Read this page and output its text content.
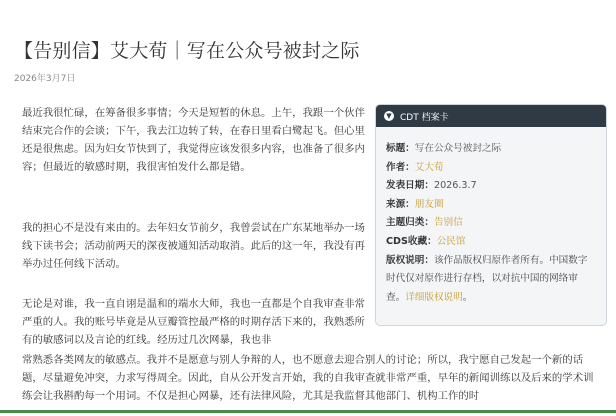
【告别信】艾大荀｜写在公众号被封之际
2026年3月7日

最近我很忙碌，在筹备很多事情；今天是短暂的休息。上午，我跟一个伙伴结束完合作的会谈；下午，我去江边转了转，在春日里看白鹭起飞。但心里还是很焦虑。因为妇女节快到了，我觉得应该发很多内容，也准备了很多内容；但最近的敏感时期，我很害怕发什么都是错。

我的担心不是没有来由的。去年妇女节前夕，我曾尝试在广东某地举办一场线下读书会；活动前两天的深夜被通知活动取消。此后的这一年，我没有再举办过任何线下活动。

无论是对谁，我一直自诩是温和的端水大师，我也一直都是个自我审查非常严重的人。我的账号毕竟是从豆瓣管控最严格的时期存活下来的，我熟悉所有的敏感词以及言论的红线。经历过几次网暴，我也非

常熟悉各类网友的敏感点。我并不是愿意与别人争辩的人，也不愿意去迎合别人的讨论；所以，我宁愿自己发起一个新的话题，尽量避免冲突，力求写得周全。因此，自从公开发言开始，我的自我审查就非常严重，早年的新闻训练以及后来的学术训练会让我斟酌每一个用词。不仅是担心网暴，还有法律风险，尤其是我监督其他部门、机构工作的时

▼ CDT 档案卡
标题：写在公众号被封之际
作者：艾大荀
发表日期：2026.3.7
来源：朋友圈
主题归类：告别信
CDS收藏：公民馆
版权说明：该作品版权归原作者所有。中国数字时代仅对原作进行存档，以对抗中国的网络审查。详细版权说明。
